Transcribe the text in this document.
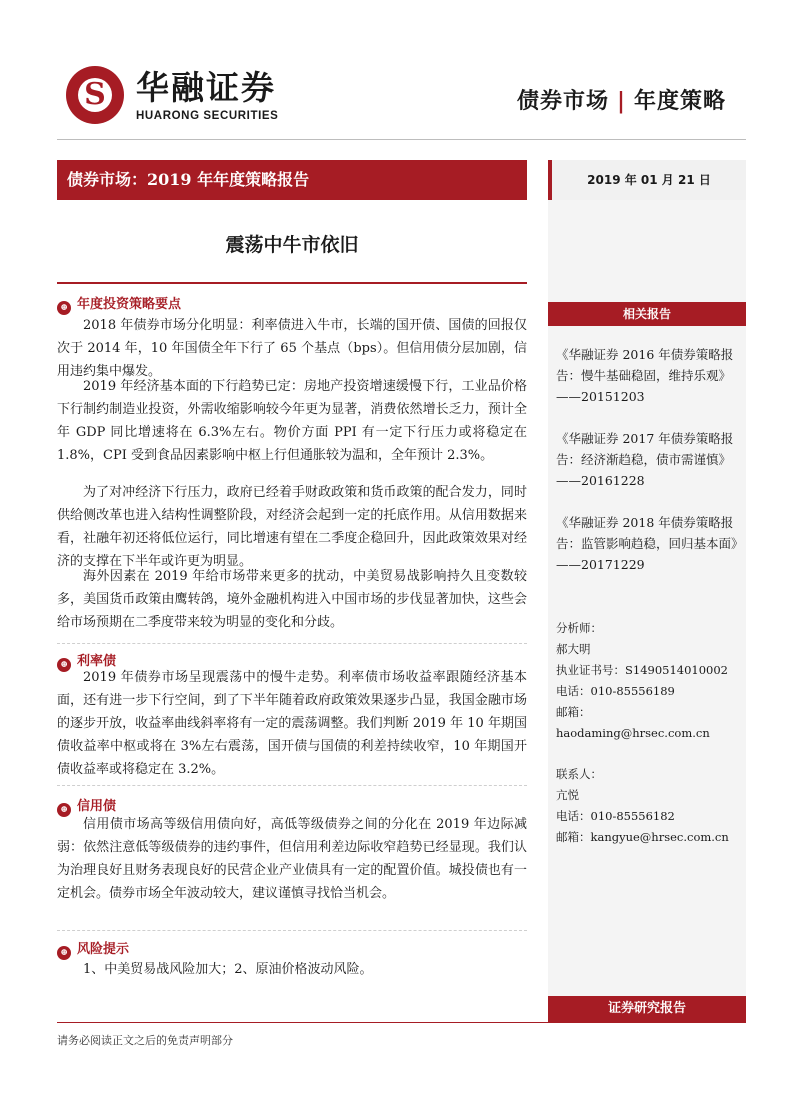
S 华融证券
HUARONG SECURITIES
债券市场 | 年度策略
债券市场：2019 年年度策略报告	2019 年 01 月 21 日
震荡中牛市依旧
⊕ 年度投资策略要点
2018 年债券市场分化明显：利率债进入牛市，长端的国开债、国债的回报仅次于 2014 年，10 年国债全年下行了 65 个基点（bps）。但信用债分层加剧，信用违约集中爆发。
2019 年经济基本面的下行趋势已定：房地产投资增速缓慢下行，工业品价格下行制约制造业投资，外需收缩影响较今年更为显著，消费依然增长乏力，预计全年 GDP 同比增速将在 6.3%左右。物价方面 PPI 有一定下行压力或将稳定在 1.8%，CPI 受到食品因素影响中枢上行但通胀较为温和，全年预计 2.3%。
为了对冲经济下行压力，政府已经着手财政政策和货币政策的配合发力，同时供给侧改革也进入结构性调整阶段，对经济会起到一定的托底作用。从信用数据来看，社融年初还将低位运行，同比增速有望在二季度企稳回升，因此政策效果对经济的支撑在下半年或许更为明显。
海外因素在 2019 年给市场带来更多的扰动，中美贸易战影响持久且变数较多，美国货币政策由鹰转鸽，境外金融机构进入中国市场的步伐显著加快，这些会给市场预期在二季度带来较为明显的变化和分歧。
⊕ 利率债
2019 年债券市场呈现震荡中的慢牛走势。利率债市场收益率跟随经济基本面，还有进一步下行空间，到了下半年随着政府政策效果逐步凸显，我国金融市场的逐步开放，收益率曲线斜率将有一定的震荡调整。我们判断 2019 年 10 年期国债收益率中枢或将在 3%左右震荡，国开债与国债的利差持续收窄，10 年期国开债收益率或将稳定在 3.2%。
⊕ 信用债
信用债市场高等级信用债向好，高低等级债券之间的分化在 2019 年边际减弱：依然注意低等级债券的违约事件，但信用利差边际收窄趋势已经显现。我们认为治理良好且财务表现良好的民营企业产业债具有一定的配置价值。城投债也有一定机会。债券市场全年波动较大，建议谨慎寻找恰当机会。
⊕ 风险提示
1、中美贸易战风险加大；2、原油价格波动风险。
相关报告
《华融证券 2016 年债券策略报告：慢牛基础稳固，维持乐观》——20151203
《华融证券 2017 年债券策略报告：经济渐趋稳，债市需谨慎》——20161228
《华融证券 2018 年债券策略报告：监管影响趋稳，回归基本面》——20171229
分析师：
郝大明
执业证书号：S1490514010002
电话：010-85556189
邮箱：haodaming@hrsec.com.cn
联系人：
亢悦
电话：010-85556182
邮箱：kangyue@hrsec.com.cn
证券研究报告
请务必阅读正文之后的免责声明部分
